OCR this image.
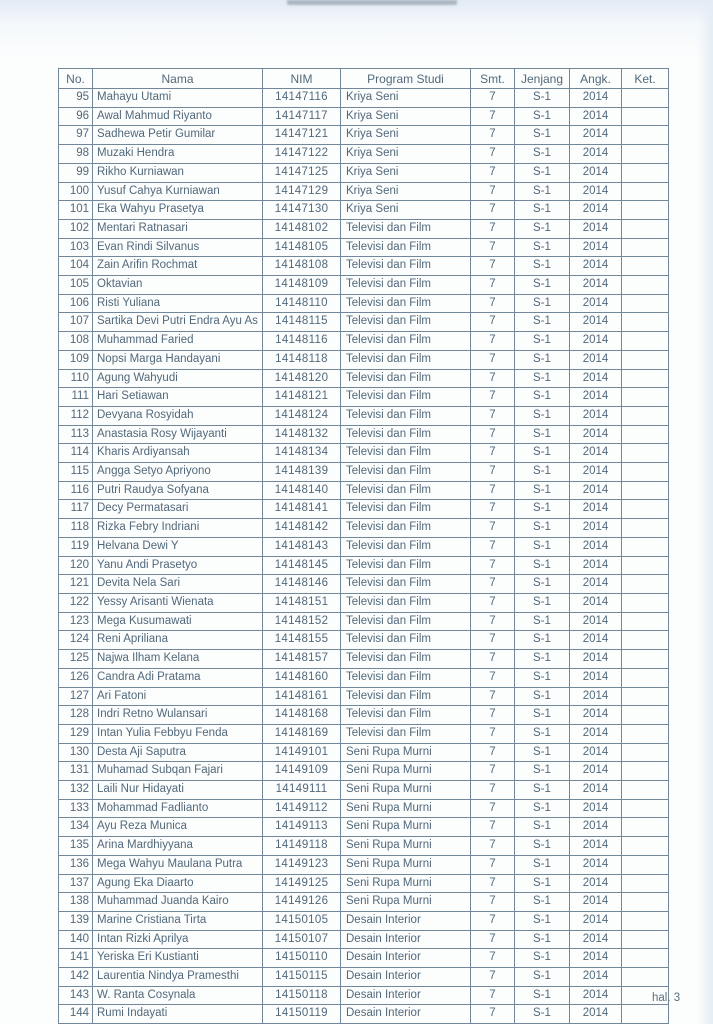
No.	Nama	NIM	Program Studi	Smt.	Jenjang	Angk.	Ket.
95	Mahayu Utami	14147116	Kriya Seni	7	S-1	2014	
96	Awal Mahmud Riyanto	14147117	Kriya Seni	7	S-1	2014	
97	Sadhewa Petir Gumilar	14147121	Kriya Seni	7	S-1	2014	
98	Muzaki Hendra	14147122	Kriya Seni	7	S-1	2014	
99	Rikho Kurniawan	14147125	Kriya Seni	7	S-1	2014	
100	Yusuf Cahya Kurniawan	14147129	Kriya Seni	7	S-1	2014	
101	Eka Wahyu Prasetya	14147130	Kriya Seni	7	S-1	2014	
102	Mentari Ratnasari	14148102	Televisi dan Film	7	S-1	2014	
103	Evan Rindi Silvanus	14148105	Televisi dan Film	7	S-1	2014	
104	Zain Arifin Rochmat	14148108	Televisi dan Film	7	S-1	2014	
105	Oktavian	14148109	Televisi dan Film	7	S-1	2014	
106	Risti Yuliana	14148110	Televisi dan Film	7	S-1	2014	
107	Sartika Devi Putri Endra Ayu As	14148115	Televisi dan Film	7	S-1	2014	
108	Muhammad Faried	14148116	Televisi dan Film	7	S-1	2014	
109	Nopsi Marga Handayani	14148118	Televisi dan Film	7	S-1	2014	
110	Agung Wahyudi	14148120	Televisi dan Film	7	S-1	2014	
111	Hari Setiawan	14148121	Televisi dan Film	7	S-1	2014	
112	Devyana Rosyidah	14148124	Televisi dan Film	7	S-1	2014	
113	Anastasia Rosy Wijayanti	14148132	Televisi dan Film	7	S-1	2014	
114	Kharis Ardiyansah	14148134	Televisi dan Film	7	S-1	2014	
115	Angga Setyo Apriyono	14148139	Televisi dan Film	7	S-1	2014	
116	Putri Raudya Sofyana	14148140	Televisi dan Film	7	S-1	2014	
117	Decy Permatasari	14148141	Televisi dan Film	7	S-1	2014	
118	Rizka Febry Indriani	14148142	Televisi dan Film	7	S-1	2014	
119	Helvana Dewi Y	14148143	Televisi dan Film	7	S-1	2014	
120	Yanu Andi Prasetyo	14148145	Televisi dan Film	7	S-1	2014	
121	Devita Nela Sari	14148146	Televisi dan Film	7	S-1	2014	
122	Yessy Arisanti Wienata	14148151	Televisi dan Film	7	S-1	2014	
123	Mega Kusumawati	14148152	Televisi dan Film	7	S-1	2014	
124	Reni Apriliana	14148155	Televisi dan Film	7	S-1	2014	
125	Najwa Ilham Kelana	14148157	Televisi dan Film	7	S-1	2014	
126	Candra Adi Pratama	14148160	Televisi dan Film	7	S-1	2014	
127	Ari Fatoni	14148161	Televisi dan Film	7	S-1	2014	
128	Indri Retno Wulansari	14148168	Televisi dan Film	7	S-1	2014	
129	Intan Yulia Febbyu Fenda	14148169	Televisi dan Film	7	S-1	2014	
130	Desta Aji Saputra	14149101	Seni Rupa Murni	7	S-1	2014	
131	Muhamad Subqan Fajari	14149109	Seni Rupa Murni	7	S-1	2014	
132	Laili Nur Hidayati	14149111	Seni Rupa Murni	7	S-1	2014	
133	Mohammad Fadlianto	14149112	Seni Rupa Murni	7	S-1	2014	
134	Ayu Reza Munica	14149113	Seni Rupa Murni	7	S-1	2014	
135	Arina Mardhiyyana	14149118	Seni Rupa Murni	7	S-1	2014	
136	Mega Wahyu Maulana Putra	14149123	Seni Rupa Murni	7	S-1	2014	
137	Agung Eka Diaarto	14149125	Seni Rupa Murni	7	S-1	2014	
138	Muhammad Juanda Kairo	14149126	Seni Rupa Murni	7	S-1	2014	
139	Marine Cristiana Tirta	14150105	Desain Interior	7	S-1	2014	
140	Intan Rizki Aprilya	14150107	Desain Interior	7	S-1	2014	
141	Yeriska Eri Kustianti	14150110	Desain Interior	7	S-1	2014	
142	Laurentia Nindya Pramesthi	14150115	Desain Interior	7	S-1	2014	
143	W. Ranta Cosynala	14150118	Desain Interior	7	S-1	2014	
144	Rumi Indayati	14150119	Desain Interior	7	S-1	2014	
hal. 3
